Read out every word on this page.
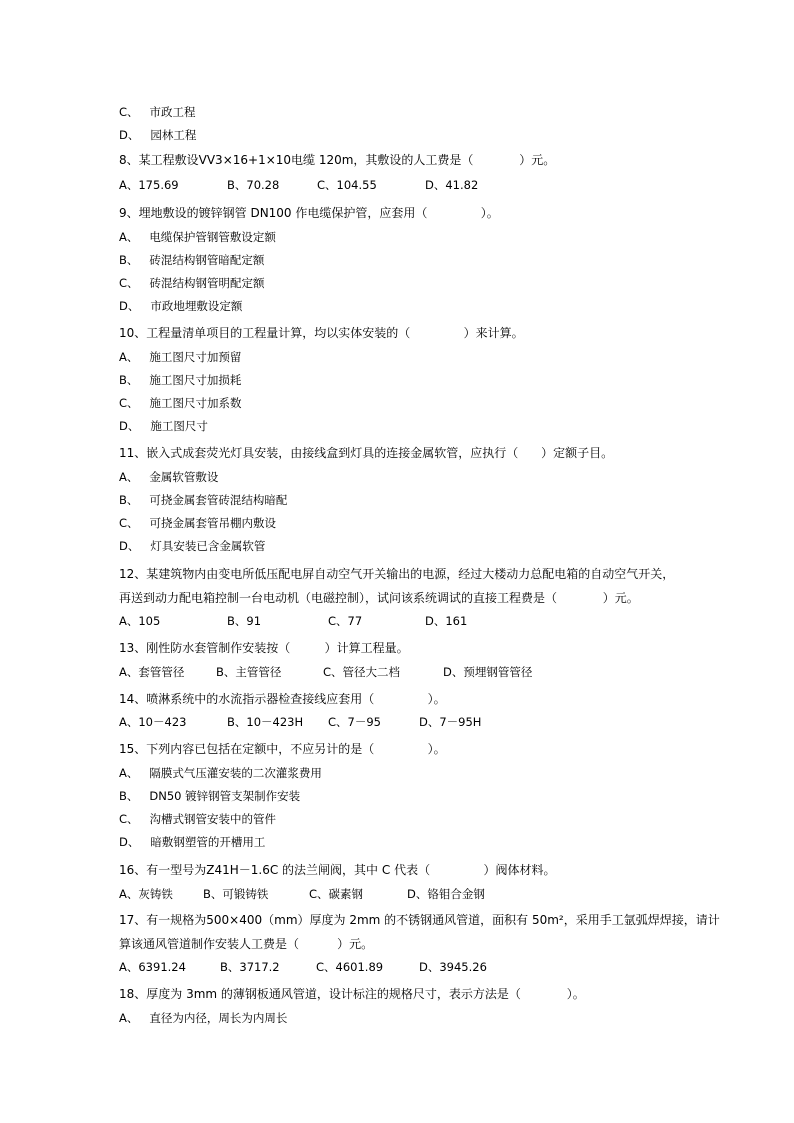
C、   市政工程
D、   园林工程
8、某工程敷设VV3×16+1×10电缆 120m，其敷设的人工费是（            ）元。

A、175.69

	B、70.28

	C、104.55

	D、41.82

9、埋地敷设的镀锌钢管 DN100 作电缆保护管，应套用（              ）。
A、   电缆保护管钢管敷设定额
B、   砖混结构钢管暗配定额
C、   砖混结构钢管明配定额
D、   市政地埋敷设定额
10、工程量清单项目的工程量计算，均以实体安装的（              ）来计算。
A、   施工图尺寸加预留
B、   施工图尺寸加损耗
C、   施工图尺寸加系数
D、   施工图尺寸
11、嵌入式成套荧光灯具安装，由接线盒到灯具的连接金属软管，应执行（      ）定额子目。
A、   金属软管敷设
B、   可挠金属套管砖混结构暗配
C、   可挠金属套管吊棚内敷设
D、   灯具安装已含金属软管
12、某建筑物内由变电所低压配电屏自动空气开关输出的电源，经过大楼动力总配电箱的自动空气开关，
再送到动力配电箱控制一台电动机（电磁控制），试问该系统调试的直接工程费是（            ）元。

A、105

	B、91

	C、77

	D、161

13、刚性防水套管制作安装按（         ）计算工程量。

A、套管管径

	B、主管管径

	C、管径大二档

	D、预埋钢管管径

14、喷淋系统中的水流指示器检查接线应套用（              ）。

A、10－423

	B、10－423H

C、7－95

	D、7－95H

15、下列内容已包括在定额中，不应另计的是（              ）。
A、   隔膜式气压灌安装的二次灌浆费用
B、   DN50 镀锌钢管支架制作安装
C、   沟槽式钢管安装中的管件
D、   暗敷钢塑管的开槽用工
16、有一型号为Z41H－1.6C 的法兰闸阀，其中 C 代表（              ）阀体材料。

A、灰铸铁

	B、可锻铸铁

	C、碳素钢

	D、铬钼合金钢

17、有一规格为500×400（mm）厚度为 2mm 的不锈钢通风管道，面积有 50m²，采用手工氩弧焊焊接，请计
算该通风管道制作安装人工费是（          ）元。

A、6391.24

	B、3717.2

	C、4601.89

	D、3945.26

18、厚度为 3mm 的薄钢板通风管道，设计标注的规格尺寸，表示方法是（            ）。
A、   直径为内径，周长为内周长
